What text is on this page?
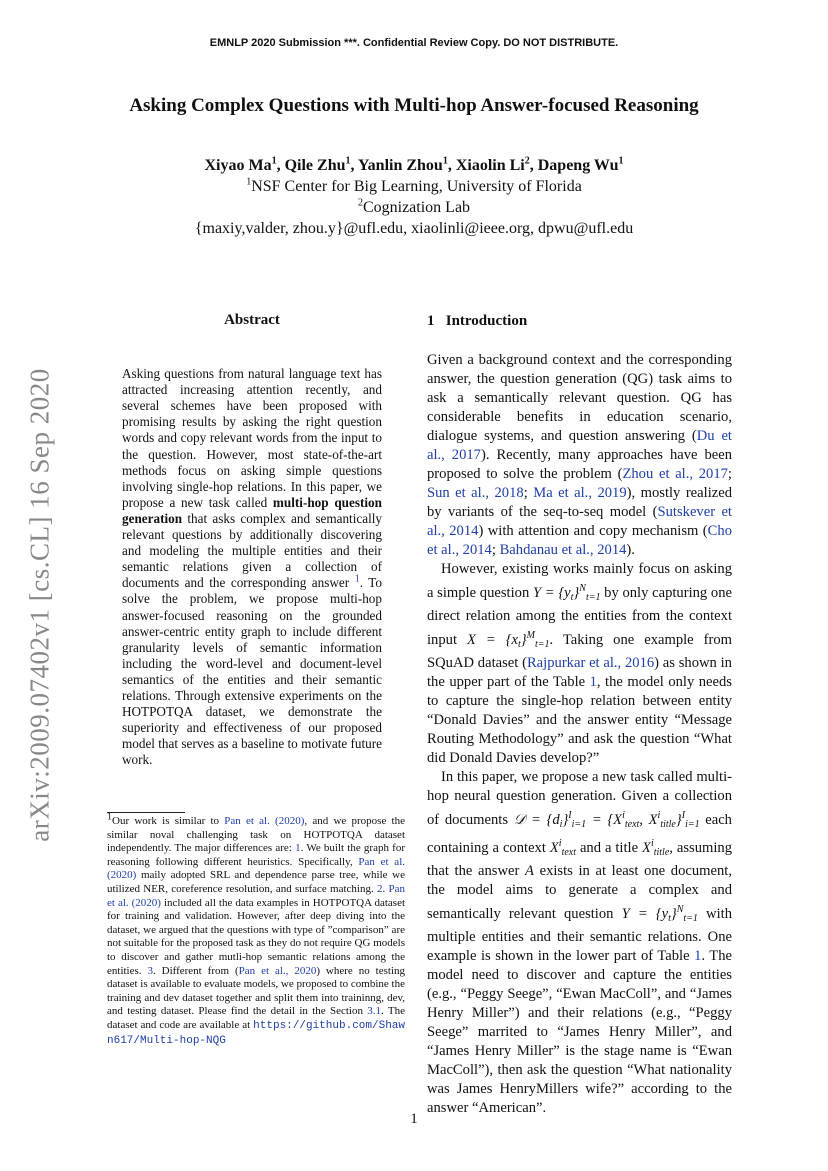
EMNLP 2020 Submission ***. Confidential Review Copy. DO NOT DISTRIBUTE.
Asking Complex Questions with Multi-hop Answer-focused Reasoning
Xiyao Ma$^1$, Qile Zhu$^1$, Yanlin Zhou$^1$, Xiaolin Li$^2$, Dapeng Wu$^1$
$^1$NSF Center for Big Learning, University of Florida
$^2$Cognization Lab
{maxiy,valder, zhou.y}@ufl.edu, xiaolinli@ieee.org, dpwu@ufl.edu
arXiv:2009.07402v1 [cs.CL] 16 Sep 2020
Abstract

Asking questions from natural language text has attracted increasing attention recently, and several schemes have been proposed with promising results by asking the right question words and copy relevant words from the input to the question. However, most state-of-the-art methods focus on asking simple questions involving single-hop relations. In this paper, we propose a new task called multi-hop question generation that asks complex and semantically relevant questions by additionally discovering and modeling the multiple entities and their semantic relations given a collection of documents and the corresponding answer $^1$. To solve the problem, we propose multi-hop answer-focused reasoning on the grounded answer-centric entity graph to include different granularity levels of semantic information including the word-level and document-level semantics of the entities and their semantic relations. Through extensive experiments on the HOTPOTQA dataset, we demonstrate the superiority and effectiveness of our proposed model that serves as a baseline to motivate future work.

$^1$Our work is similar to Pan et al. (2020), and we propose the similar noval challenging task on HOTPOTQA dataset independently. The major differences are: 1. We built the graph for reasoning following different heuristics. Specifically, Pan et al. (2020) maily adopted SRL and dependence parse tree, while we utilized NER, coreference resolution, and surface matching. 2. Pan et al. (2020) included all the data examples in HOTPOTQA dataset for training and validation. However, after deep diving into the dataset, we argued that the questions with type of ”comparison” are not suitable for the proposed task as they do not require QG models to discover and gather mutli-hop semantic relations among the entities. 3. Different from (Pan et al., 2020) where no testing dataset is available to evaluate models, we proposed to combine the training and dev dataset together and split them into traininng, dev, and testing dataset. Please find the detail in the Section 3.1. The dataset and code are available at https://github.com/Shawn617/Multi-hop-NQG
1 Introduction

Given a background context and the corresponding answer, the question generation (QG) task aims to ask a semantically relevant question. QG has considerable benefits in education scenario, dialogue systems, and question answering (Du et al., 2017). Recently, many approaches have been proposed to solve the problem (Zhou et al., 2017; Sun et al., 2018; Ma et al., 2019), mostly realized by variants of the seq-to-seq model (Sutskever et al., 2014) with attention and copy mechanism (Cho et al., 2014; Bahdanau et al., 2014).

However, existing works mainly focus on asking a simple question $Y = \{y_t\}^N_{t=1}$ by only capturing one direct relation among the entities from the context input $X = \{x_t\}^M_{t=1}$. Taking one example from SQuAD dataset (Rajpurkar et al., 2016) as shown in the upper part of the Table 1, the model only needs to capture the single-hop relation between entity “Donald Davies” and the answer entity “Message Routing Methodology” and ask the question “What did Donald Davies develop?”

In this paper, we propose a new task called multi-hop neural question generation. Given a collection of documents 𝒟 = $\{d_i\}^I_{i=1} = \{X^i_{text}$, $X^i_{title}\}^I_{i=1}$ each containing a context $X^i_{text}$ and a title $X^i_{title}$, assuming that the answer A exists in at least one document, the model aims to generate a complex and semantically relevant question $Y = \{y_t\}^N_{t=1}$ with multiple entities and their semantic relations. One example is shown in the lower part of Table 1. The model need to discover and capture the entities (e.g., “Peggy Seege”, “Ewan MacColl”, and “James Henry Miller”) and their relations (e.g., “Peggy Seege” marrited to “James Henry Miller”, and “James Henry Miller” is the stage name is “Ewan MacColl”), then ask the question “What nationality was James HenryMillers wife?” according to the answer “American”.

1
